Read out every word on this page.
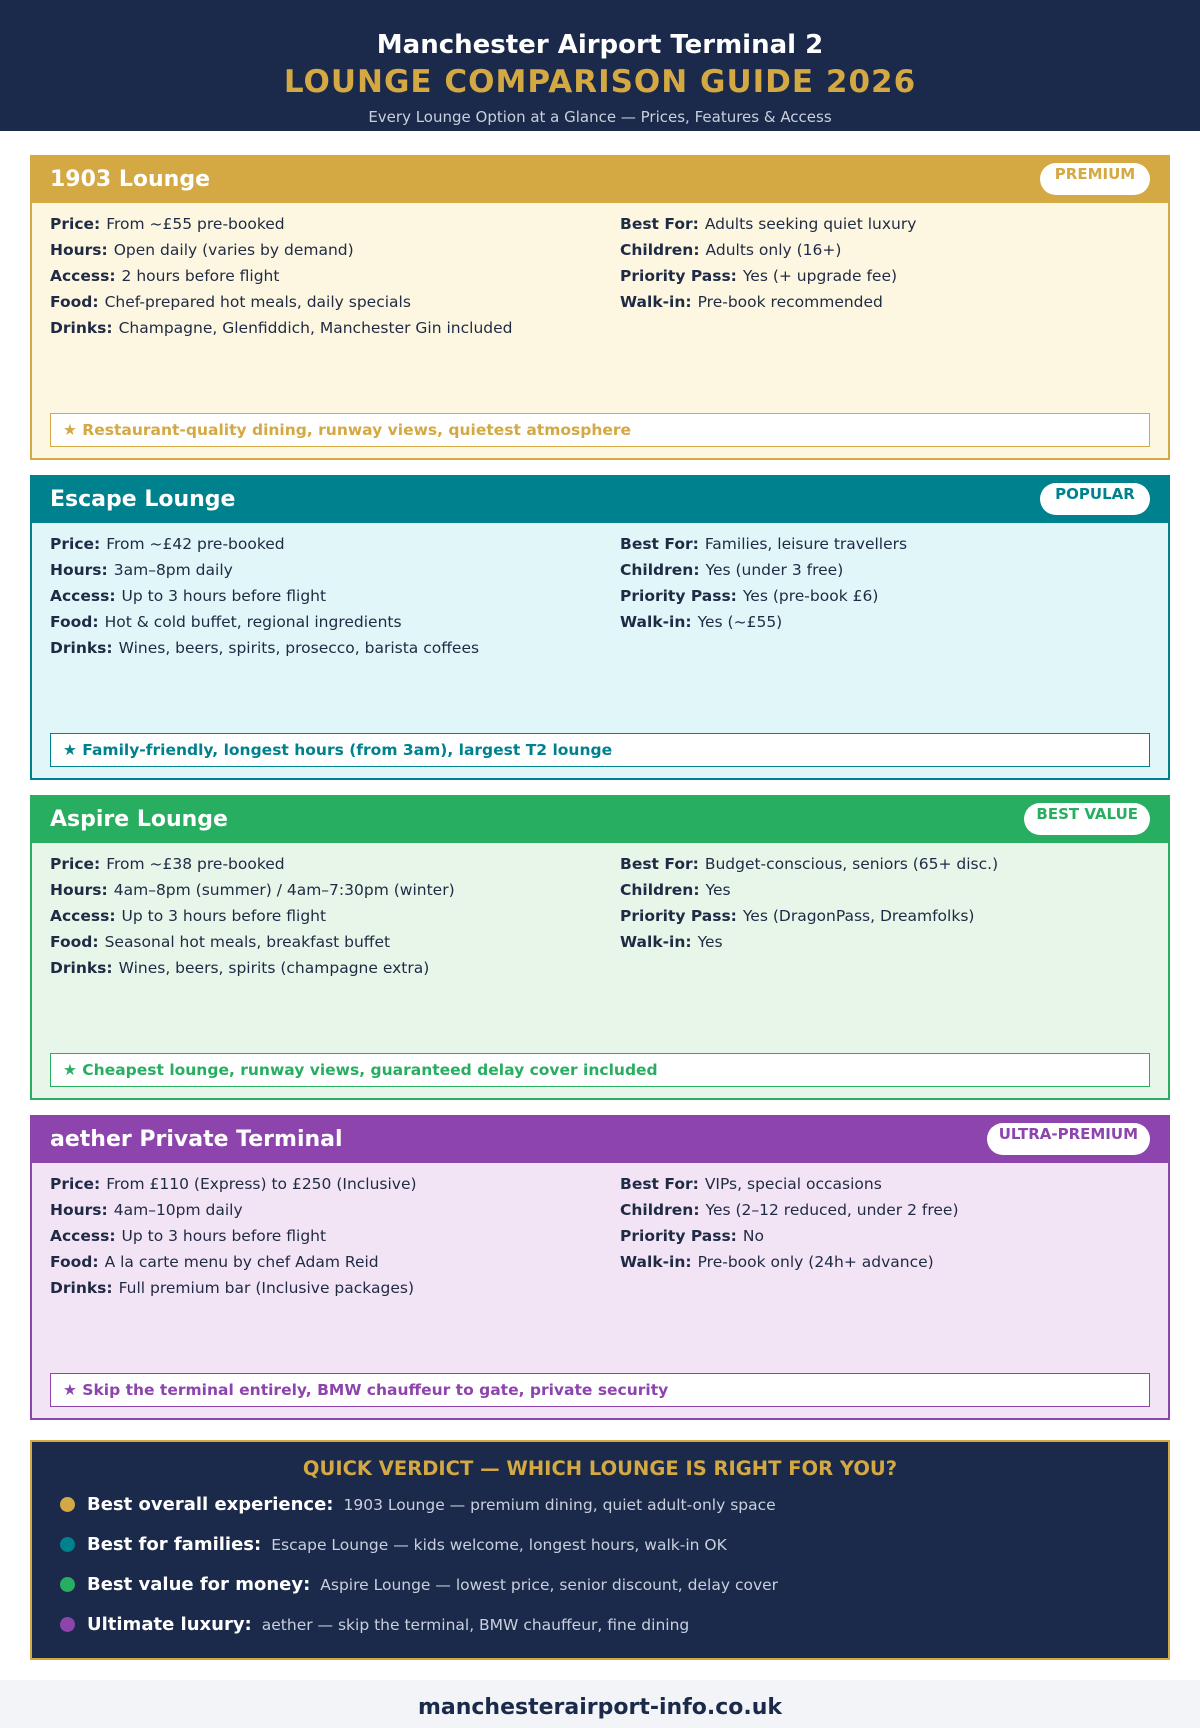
Manchester Airport Terminal 2
LOUNGE COMPARISON GUIDE 2026
Every Lounge Option at a Glance — Prices, Features & Access
1903 Lounge	PREMIUM
Price: From ~£55 pre-booked
Hours: Open daily (varies by demand)
Access: 2 hours before flight
Food: Chef-prepared hot meals, daily specials
Drinks: Champagne, Glenfiddich, Manchester Gin included
Best For: Adults seeking quiet luxury
Children: Adults only (16+)
Priority Pass: Yes (+ upgrade fee)
Walk-in: Pre-book recommended
★ Restaurant-quality dining, runway views, quietest atmosphere
Escape Lounge	POPULAR
Price: From ~£42 pre-booked
Hours: 3am–8pm daily
Access: Up to 3 hours before flight
Food: Hot & cold buffet, regional ingredients
Drinks: Wines, beers, spirits, prosecco, barista coffees
Best For: Families, leisure travellers
Children: Yes (under 3 free)
Priority Pass: Yes (pre-book £6)
Walk-in: Yes (~£55)
★ Family-friendly, longest hours (from 3am), largest T2 lounge
Aspire Lounge	BEST VALUE
Price: From ~£38 pre-booked
Hours: 4am–8pm (summer) / 4am–7:30pm (winter)
Access: Up to 3 hours before flight
Food: Seasonal hot meals, breakfast buffet
Drinks: Wines, beers, spirits (champagne extra)
Best For: Budget-conscious, seniors (65+ disc.)
Children: Yes
Priority Pass: Yes (DragonPass, Dreamfolks)
Walk-in: Yes
★ Cheapest lounge, runway views, guaranteed delay cover included
aether Private Terminal	ULTRA-PREMIUM
Price: From £110 (Express) to £250 (Inclusive)
Hours: 4am–10pm daily
Access: Up to 3 hours before flight
Food: A la carte menu by chef Adam Reid
Drinks: Full premium bar (Inclusive packages)
Best For: VIPs, special occasions
Children: Yes (2–12 reduced, under 2 free)
Priority Pass: No
Walk-in: Pre-book only (24h+ advance)
★ Skip the terminal entirely, BMW chauffeur to gate, private security
QUICK VERDICT — WHICH LOUNGE IS RIGHT FOR YOU?
Best overall experience: 1903 Lounge — premium dining, quiet adult-only space
Best for families: Escape Lounge — kids welcome, longest hours, walk-in OK
Best value for money: Aspire Lounge — lowest price, senior discount, delay cover
Ultimate luxury: aether — skip the terminal, BMW chauffeur, fine dining
manchesterairport-info.co.uk
